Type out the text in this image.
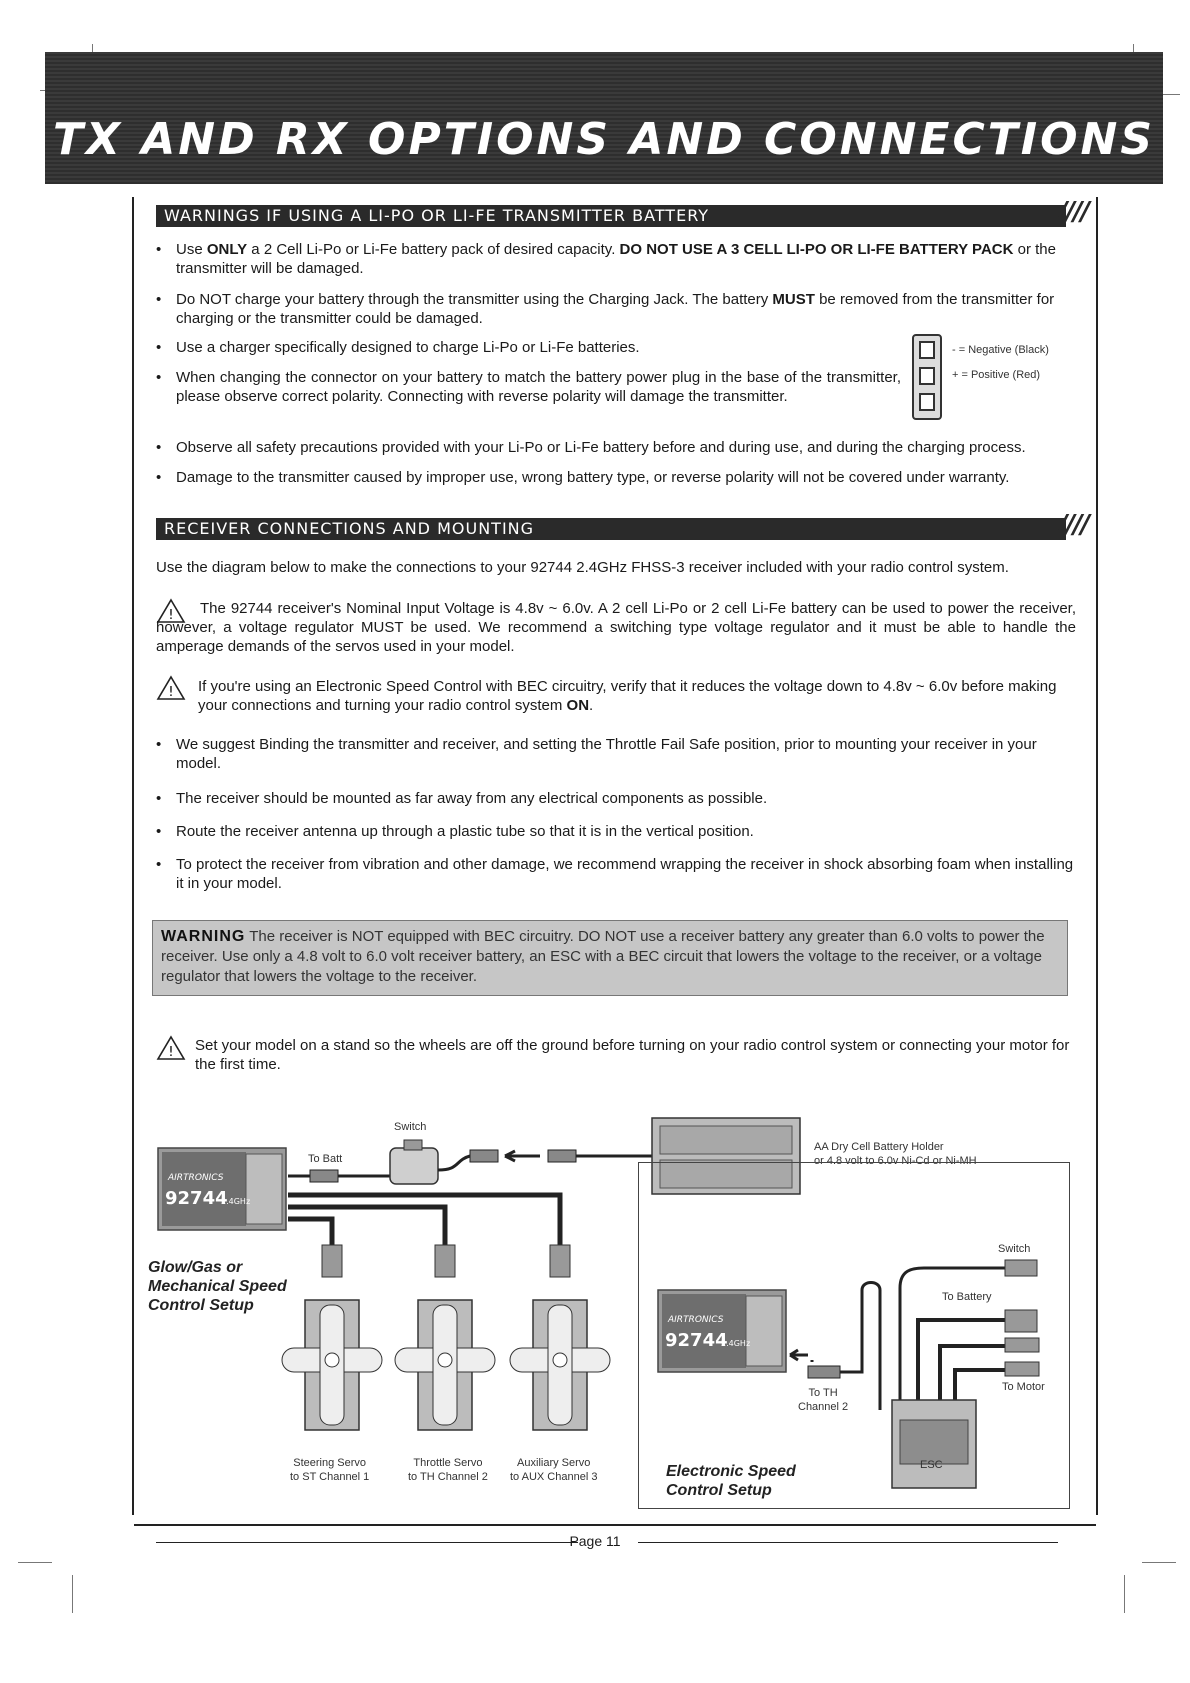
TX AND RX OPTIONS AND CONNECTIONS
WARNINGS IF USING A LI-PO OR LI-FE TRANSMITTER BATTERY	////
• Use ONLY a 2 Cell Li-Po or Li-Fe battery pack of desired capacity. DO NOT USE A 3 CELL LI-PO OR LI-FE BATTERY PACK or the transmitter will be damaged.
• Do NOT charge your battery through the transmitter using the Charging Jack. The battery MUST be removed from the transmitter for charging or the transmitter could be damaged.
• Use a charger specifically designed to charge Li-Po or Li-Fe batteries.
• When changing the connector on your battery to match the battery power plug in the base of the transmitter, please observe correct polarity. Connecting with reverse polarity will damage the transmitter.
- = Negative (Black)
+ = Positive (Red)
• Observe all safety precautions provided with your Li-Po or Li-Fe battery before and during use, and during the charging process.
• Damage to the transmitter caused by improper use, wrong battery type, or reverse polarity will not be covered under warranty.
RECEIVER CONNECTIONS AND MOUNTING	////
Use the diagram below to make the connections to your 92744 2.4GHz FHSS-3 receiver included with your radio control system.
!	The 92744 receiver's Nominal Input Voltage is 4.8v ~ 6.0v. A 2 cell Li-Po or 2 cell Li-Fe battery can be used to power the receiver, however, a voltage regulator MUST be used. We recommend a switching type voltage regulator and it must be able to handle the amperage demands of the servos used in your model.
! If you're using an Electronic Speed Control with BEC circuitry, verify that it reduces the voltage down to 4.8v ~ 6.0v before making your connections and turning your radio control system ON.
• We suggest Binding the transmitter and receiver, and setting the Throttle Fail Safe position, prior to mounting your receiver in your model.
• The receiver should be mounted as far away from any electrical components as possible.
• Route the receiver antenna up through a plastic tube so that it is in the vertical position.
• To protect the receiver from vibration and other damage, we recommend wrapping the receiver in shock absorbing foam when installing it in your model.
WARNING The receiver is NOT equipped with BEC circuitry. DO NOT use a receiver battery any greater than 6.0 volts to power the receiver. Use only a 4.8 volt to 6.0 volt receiver battery, an ESC with a BEC circuit that lowers the voltage to the receiver, or a voltage regulator that lowers the voltage to the receiver.
! Set your model on a stand so the wheels are off the ground before turning on your radio control system or connecting your motor for the first time.
AIRTRONICS
92744
2.4GHz
AIRTRONICS
92744
2.4GHz
Switch
To Batt
AA Dry Cell Battery Holder
or 4.8 volt to 6.0v Ni-Cd or Ni-MH
Glow/Gas or
Mechanical Speed
Control Setup
Steering Servo
to ST Channel 1
Throttle Servo
to TH Channel 2
Auxiliary Servo
to AUX Channel 3
Switch
To Battery
To Motor
To TH
Channel 2
ESC
Electronic Speed
Control Setup
Page 11
